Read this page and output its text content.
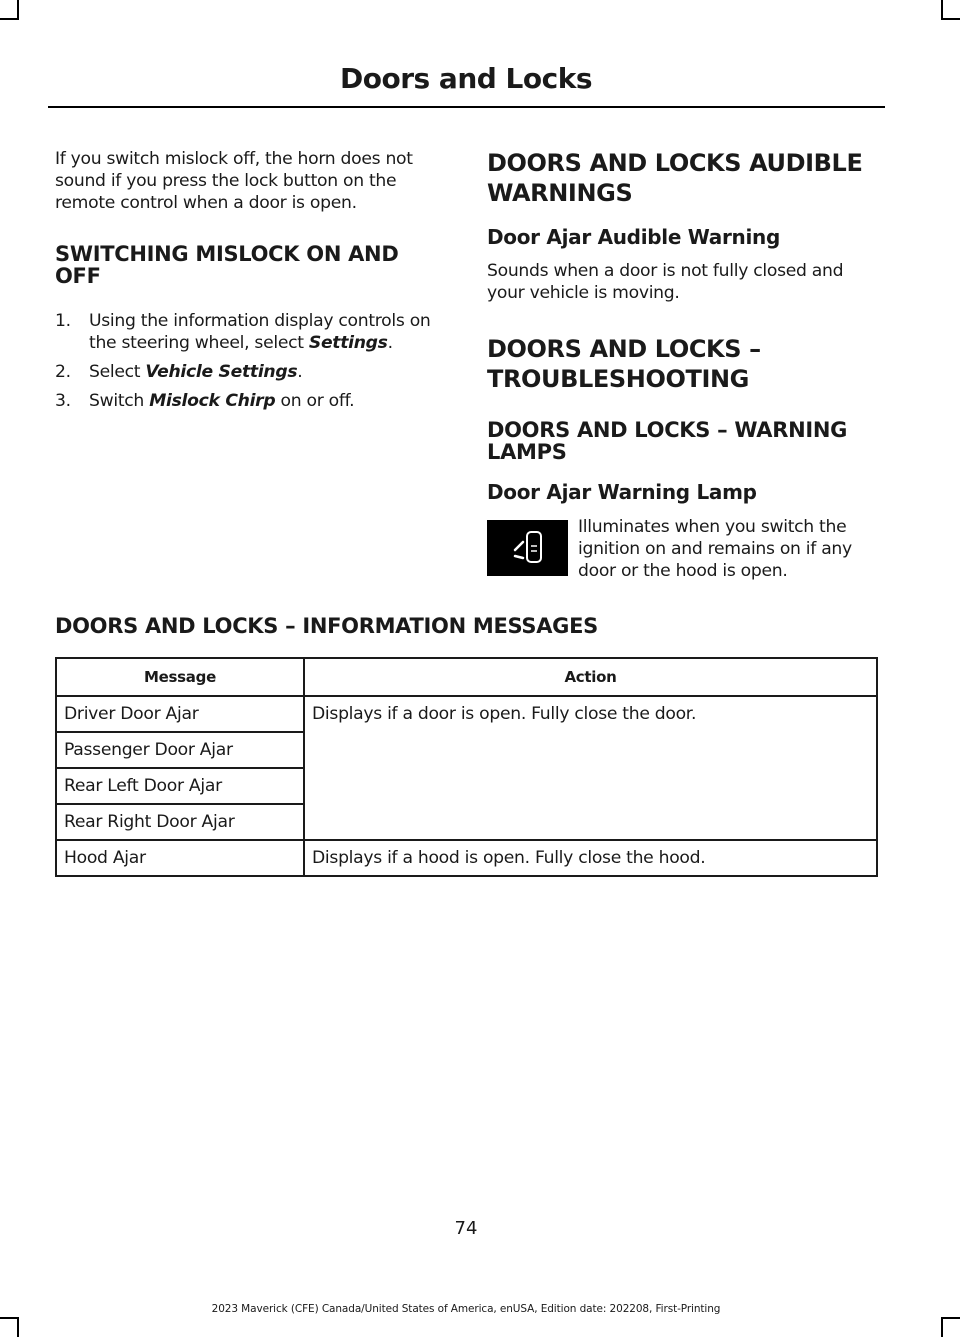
Doors and Locks

If you switch mislock off, the horn does not sound if you press the lock button on the remote control when a door is open.

SWITCHING MISLOCK ON AND OFF
1. Using the information display controls on the steering wheel, select Settings.
2. Select Vehicle Settings.
3. Switch Mislock Chirp on or off.
DOORS AND LOCKS AUDIBLE WARNINGS
Door Ajar Audible Warning

Sounds when a door is not fully closed and your vehicle is moving.

DOORS AND LOCKS – TROUBLESHOOTING
DOORS AND LOCKS – WARNING LAMPS
Door Ajar Warning Lamp

Illuminates when you switch the ignition on and remains on if any door or the hood is open.

DOORS AND LOCKS – INFORMATION MESSAGES
Message	Action
Driver Door Ajar	Displays if a door is open. Fully close the door.
Passenger Door Ajar	
Rear Left Door Ajar	
Rear Right Door Ajar	
Hood Ajar	Displays if a hood is open. Fully close the hood.
74
2023 Maverick (CFE) Canada/United States of America, enUSA, Edition date: 202208, First-Printing
